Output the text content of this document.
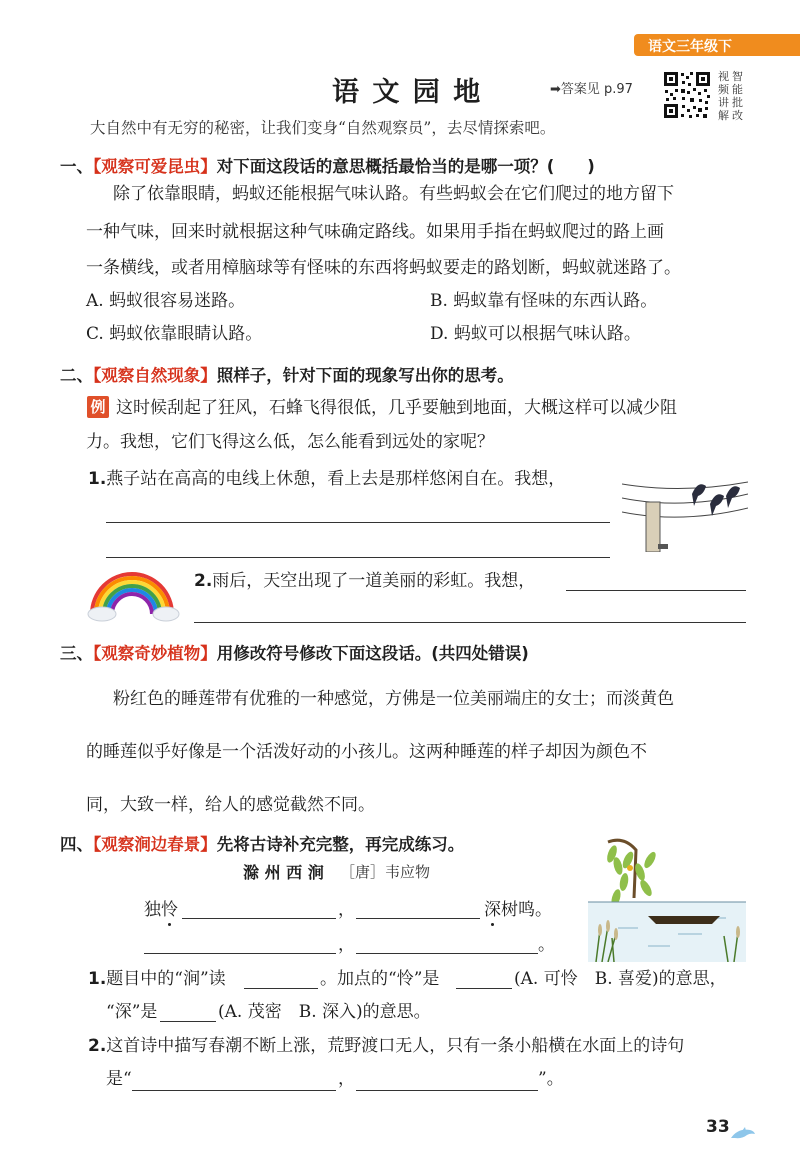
语文三年级下
语 文 园 地	➡答案见 p.97
视
频
讲
解
智
能
批
改
大自然中有无穷的秘密，让我们变身“自然观察员”，去尽情探索吧。
一、【观察可爱昆虫】对下面这段话的意思概括最恰当的是哪一项？(　　)
除了依靠眼睛，蚂蚁还能根据气味认路。有些蚂蚁会在它们爬过的地方留下
一种气味，回来时就根据这种气味确定路线。如果用手指在蚂蚁爬过的路上画
一条横线，或者用樟脑球等有怪味的东西将蚂蚁要走的路划断，蚂蚁就迷路了。
A. 蚂蚁很容易迷路。	B. 蚂蚁靠有怪味的东西认路。
C. 蚂蚁依靠眼睛认路。	D. 蚂蚁可以根据气味认路。
二、【观察自然现象】照样子，针对下面的现象写出你的思考。
例 这时候刮起了狂风，石蜂飞得很低，几乎要触到地面，大概这样可以减少阻
力。我想，它们飞得这么低，怎么能看到远处的家呢？
1.燕子站在高高的电线上休憩，看上去是那样悠闲自在。我想，
2.雨后，天空出现了一道美丽的彩虹。我想，
三、【观察奇妙植物】用修改符号修改下面这段话。(共四处错误)
粉红色的睡莲带有优雅的一种感觉，方佛是一位美丽端庄的女士；而淡黄色
的睡莲似乎好像是一个活泼好动的小孩儿。这两种睡莲的样子却因为颜色不
同，大致一样，给人的感觉截然不同。
四、【观察涧边春景】先将古诗补充完整，再完成练习。
滁 州 西 涧 ［唐］韦应物
独怜	，	深树鸣。
，	。
1.题目中的“涧”读	。加点的“怜”是	(A. 可怜　B. 喜爱)的意思，
“深”是	(A. 茂密　B. 深入)的意思。
2.这首诗中描写春潮不断上涨，荒野渡口无人，只有一条小船横在水面上的诗句
是“	，	”。
33
